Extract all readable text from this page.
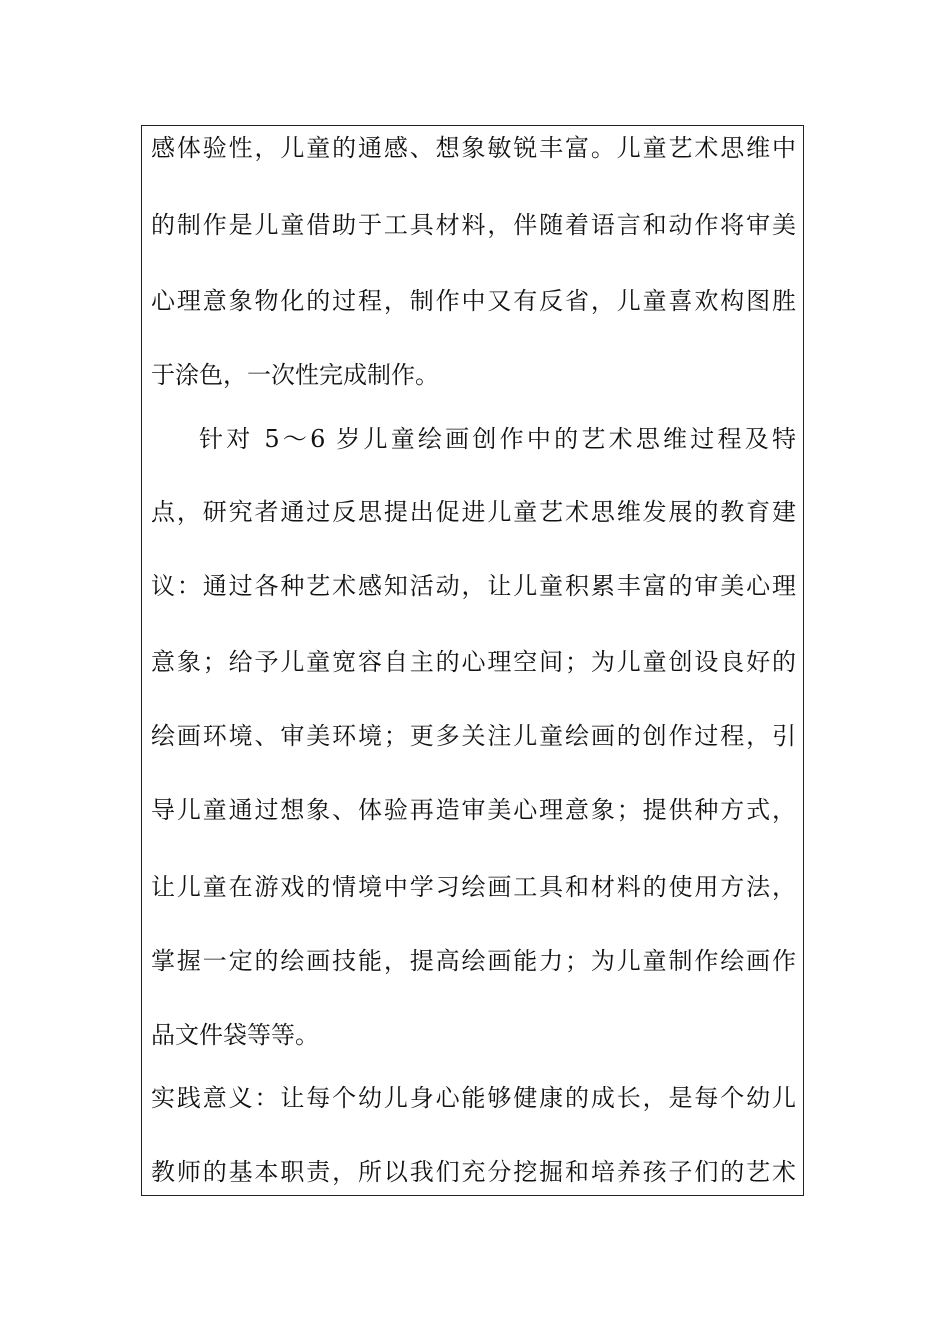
感体验性，儿童的通感、想象敏锐丰富。儿童艺术思维中
的制作是儿童借助于工具材料，伴随着语言和动作将审美
心理意象物化的过程，制作中又有反省，儿童喜欢构图胜
于涂色，一次性完成制作。
针对 5～6 岁儿童绘画创作中的艺术思维过程及特
点，研究者通过反思提出促进儿童艺术思维发展的教育建
议：通过各种艺术感知活动，让儿童积累丰富的审美心理
意象；给予儿童宽容自主的心理空间；为儿童创设良好的
绘画环境、审美环境；更多关注儿童绘画的创作过程，引
导儿童通过想象、体验再造审美心理意象；提供种方式，
让儿童在游戏的情境中学习绘画工具和材料的使用方法，
掌握一定的绘画技能，提高绘画能力；为儿童制作绘画作
品文件袋等等。
实践意义：让每个幼儿身心能够健康的成长，是每个幼儿
教师的基本职责，所以我们充分挖掘和培养孩子们的艺术
